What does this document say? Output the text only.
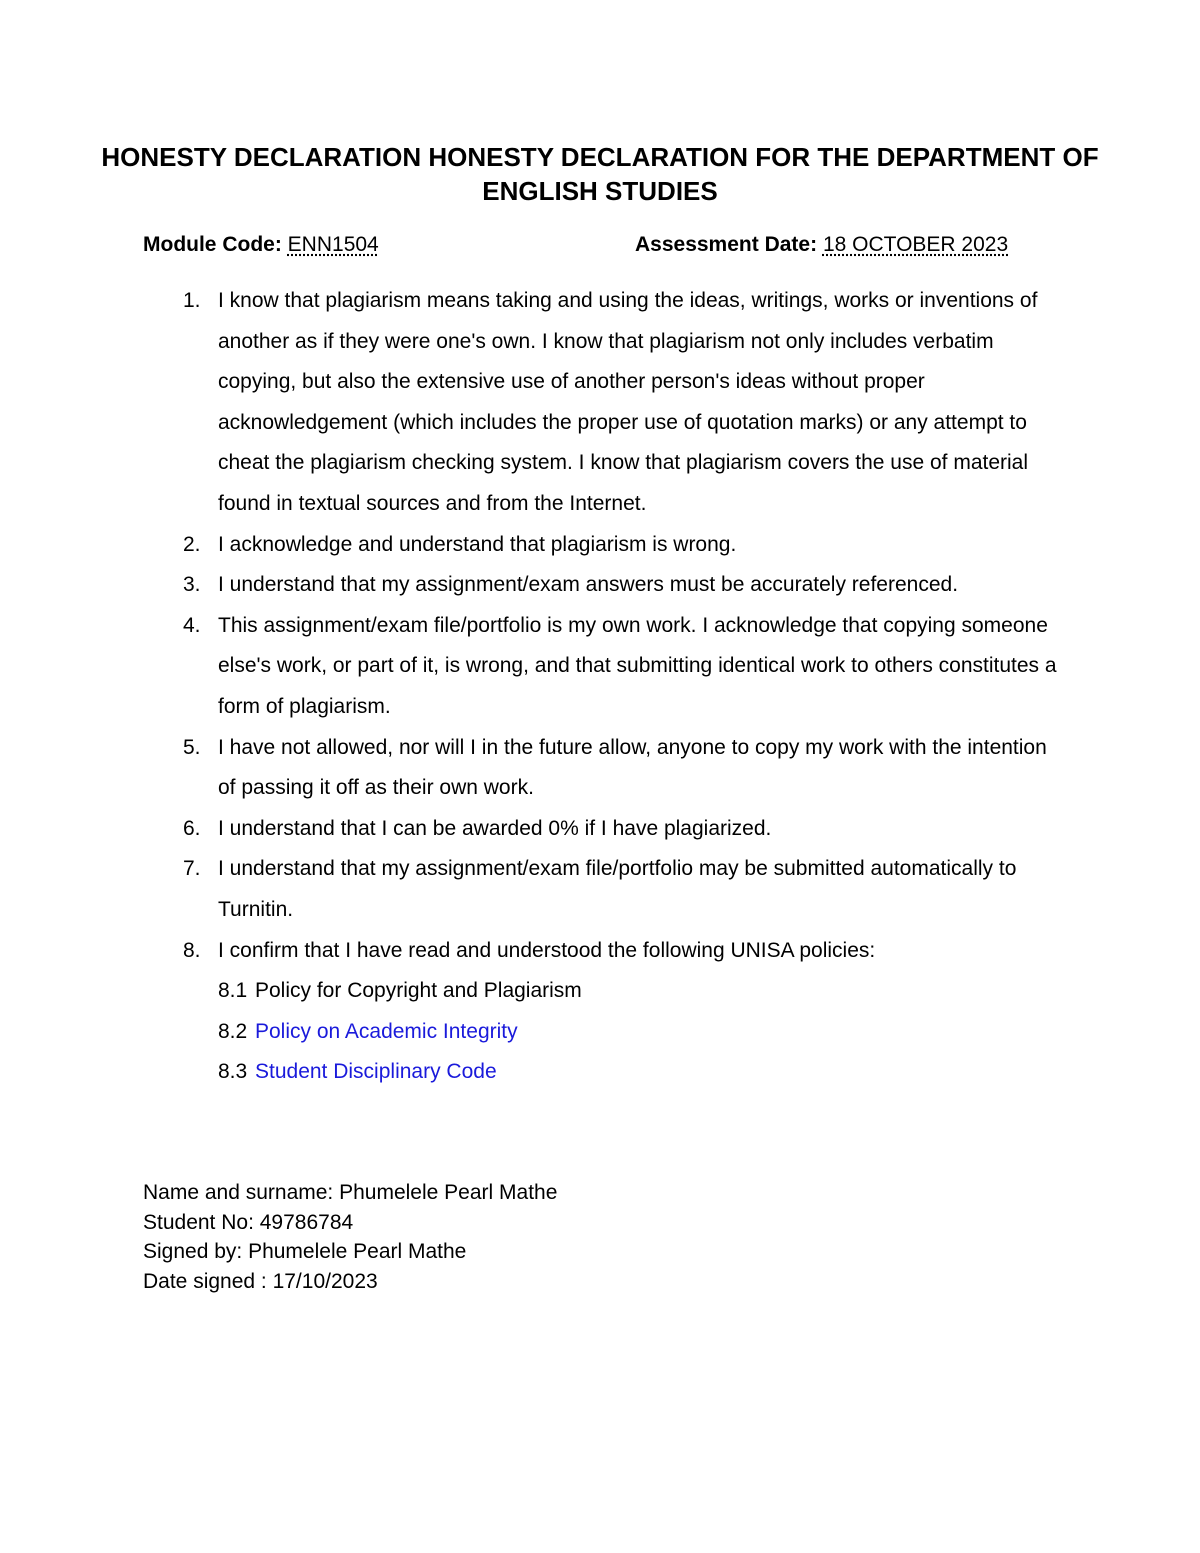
HONESTY DECLARATION HONESTY DECLARATION FOR THE DEPARTMENT OF ENGLISH STUDIES
Module Code: ENN1504	Assessment Date: 18 OCTOBER 2023
1. I know that plagiarism means taking and using the ideas, writings, works or inventions of another as if they were one's own. I know that plagiarism not only includes verbatim copying, but also the extensive use of another person's ideas without proper acknowledgement (which includes the proper use of quotation marks) or any attempt to cheat the plagiarism checking system. I know that plagiarism covers the use of material found in textual sources and from the Internet.
2. I acknowledge and understand that plagiarism is wrong.
3. I understand that my assignment/exam answers must be accurately referenced.
4. This assignment/exam file/portfolio is my own work. I acknowledge that copying someone else's work, or part of it, is wrong, and that submitting identical work to others constitutes a form of plagiarism.
5. I have not allowed, nor will I in the future allow, anyone to copy my work with the intention of passing it off as their own work.
6. I understand that I can be awarded 0% if I have plagiarized.
7. I understand that my assignment/exam file/portfolio may be submitted automatically to Turnitin.
8. I confirm that I have read and understood the following UNISA policies:
8.1 Policy for Copyright and Plagiarism
8.2 Policy on Academic Integrity
8.3 Student Disciplinary Code
Name and surname: Phumelele Pearl Mathe
Student No: 49786784
Signed by: Phumelele Pearl Mathe
Date signed : 17/10/2023
